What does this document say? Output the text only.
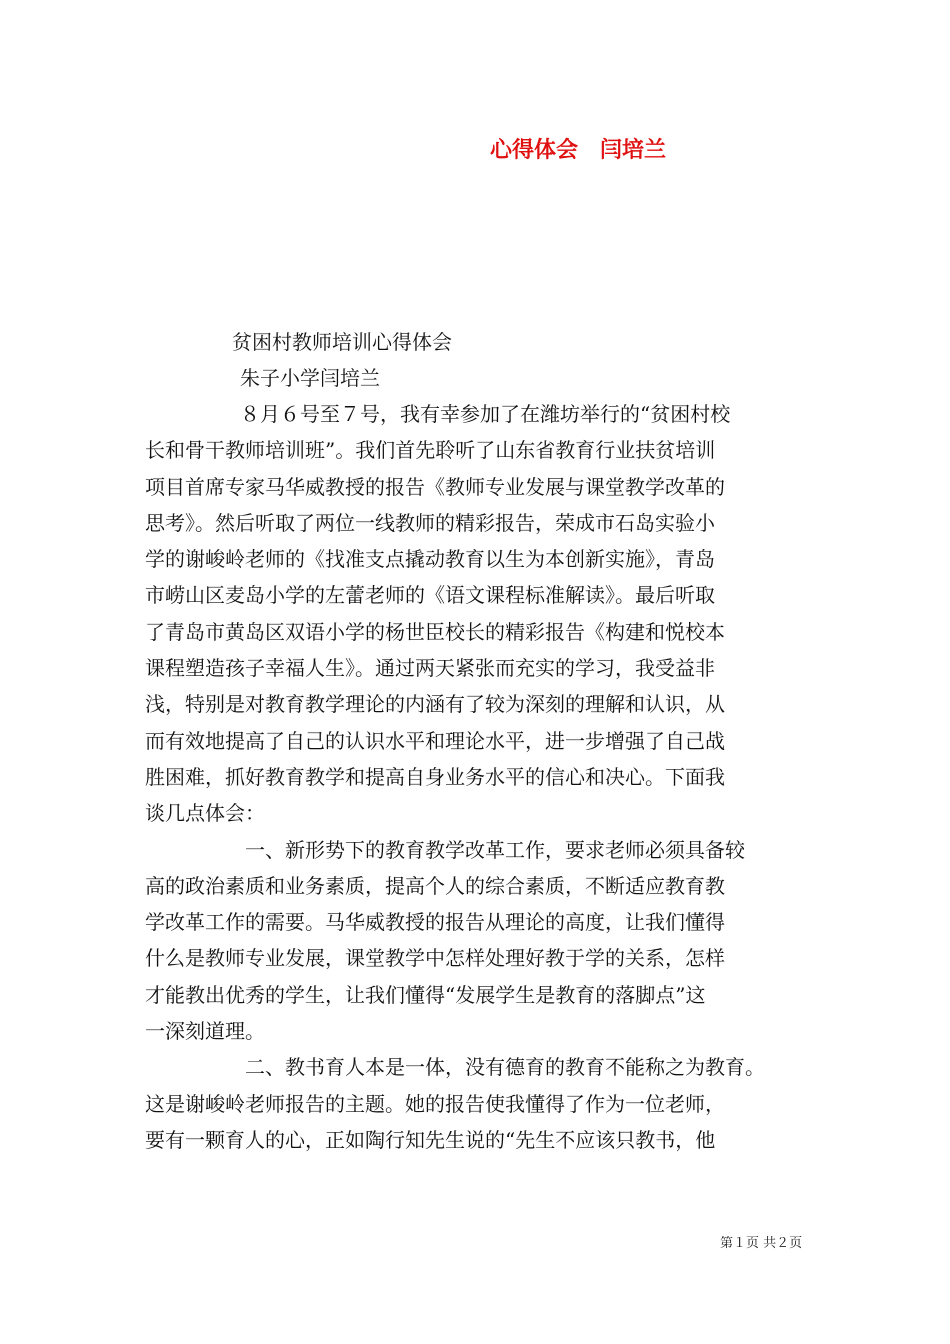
心得体会　闫培兰
贫困村教师培训心得体会
朱子小学闫培兰

８月６号至７号，我有幸参加了在潍坊举行的“贫困村校
长和骨干教师培训班”。我们首先聆听了山东省教育行业扶贫培训
项目首席专家马华威教授的报告《教师专业发展与课堂教学改革的
思考》。然后听取了两位一线教师的精彩报告，荣成市石岛实验小
学的谢峻岭老师的《找准支点撬动教育以生为本创新实施》，青岛
市崂山区麦岛小学的左蕾老师的《语文课程标准解读》。最后听取
了青岛市黄岛区双语小学的杨世臣校长的精彩报告《构建和悦校本
课程塑造孩子幸福人生》。通过两天紧张而充实的学习，我受益非
浅，特别是对教育教学理论的内涵有了较为深刻的理解和认识，从
而有效地提高了自己的认识水平和理论水平，进一步增强了自己战
胜困难，抓好教育教学和提高自身业务水平的信心和决心。下面我
谈几点体会：

一、新形势下的教育教学改革工作，要求老师必须具备较
高的政治素质和业务素质，提高个人的综合素质，不断适应教育教
学改革工作的需要。马华威教授的报告从理论的高度，让我们懂得
什么是教师专业发展，课堂教学中怎样处理好教于学的关系，怎样
才能教出优秀的学生，让我们懂得“发展学生是教育的落脚点”这
一深刻道理。

二、教书育人本是一体，没有德育的教育不能称之为教育。
这是谢峻岭老师报告的主题。她的报告使我懂得了作为一位老师，
要有一颗育人的心，正如陶行知先生说的“先生不应该只教书，他

第１页 共２页
